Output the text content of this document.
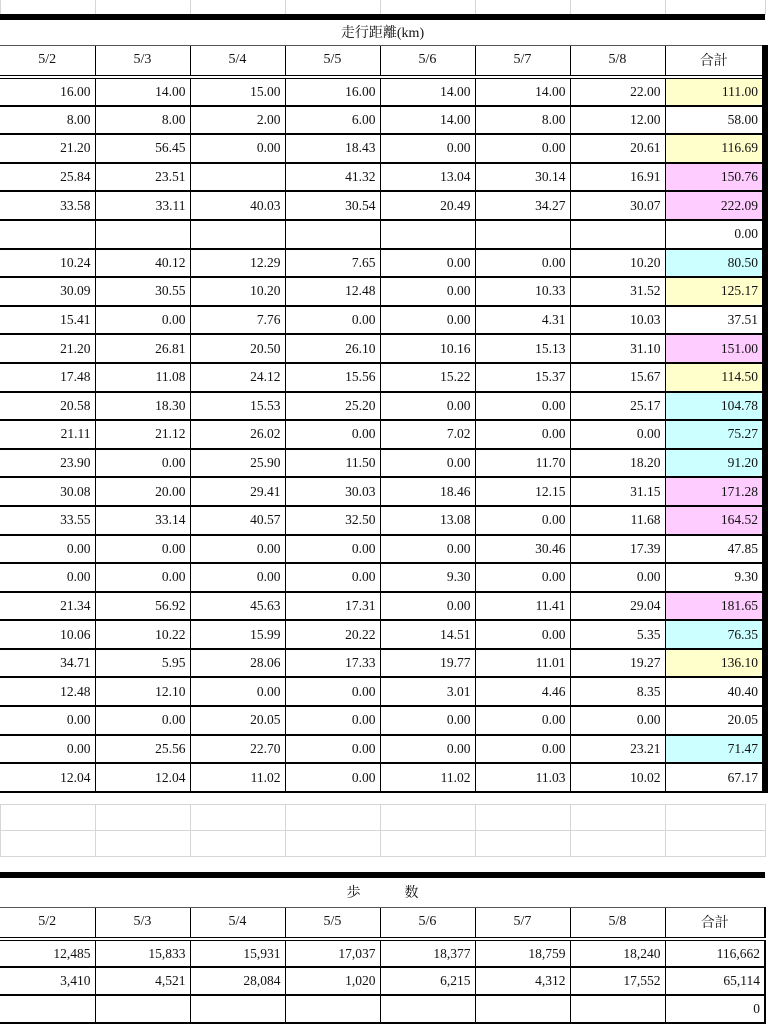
走行距離(km)							
5/2	5/3	5/4	5/5	5/6	5/7	5/8	合計
16.00	14.00	15.00	16.00	14.00	14.00	22.00	111.00
8.00	8.00	2.00	6.00	14.00	8.00	12.00	58.00
21.20	56.45	0.00	18.43	0.00	0.00	20.61	116.69
25.84	23.51		41.32	13.04	30.14	16.91	150.76
33.58	33.11	40.03	30.54	20.49	34.27	30.07	222.09
							0.00
10.24	40.12	12.29	7.65	0.00	0.00	10.20	80.50
30.09	30.55	10.20	12.48	0.00	10.33	31.52	125.17
15.41	0.00	7.76	0.00	0.00	4.31	10.03	37.51
21.20	26.81	20.50	26.10	10.16	15.13	31.10	151.00
17.48	11.08	24.12	15.56	15.22	15.37	15.67	114.50
20.58	18.30	15.53	25.20	0.00	0.00	25.17	104.78
21.11	21.12	26.02	0.00	7.02	0.00	0.00	75.27
23.90	0.00	25.90	11.50	0.00	11.70	18.20	91.20
30.08	20.00	29.41	30.03	18.46	12.15	31.15	171.28
33.55	33.14	40.57	32.50	13.08	0.00	11.68	164.52
0.00	0.00	0.00	0.00	0.00	30.46	17.39	47.85
0.00	0.00	0.00	0.00	9.30	0.00	0.00	9.30
21.34	56.92	45.63	17.31	0.00	11.41	29.04	181.65
10.06	10.22	15.99	20.22	14.51	0.00	5.35	76.35
34.71	5.95	28.06	17.33	19.77	11.01	19.27	136.10
12.48	12.10	0.00	0.00	3.01	4.46	8.35	40.40
0.00	0.00	20.05	0.00	0.00	0.00	0.00	20.05
0.00	25.56	22.70	0.00	0.00	0.00	23.21	71.47
12.04	12.04	11.02	0.00	11.02	11.03	10.02	67.17

歩 数							
5/2	5/3	5/4	5/5	5/6	5/7	5/8	合計
12,485	15,833	15,931	17,037	18,377	18,759	18,240	116,662
3,410	4,521	28,084	1,020	6,215	4,312	17,552	65,114
							0
